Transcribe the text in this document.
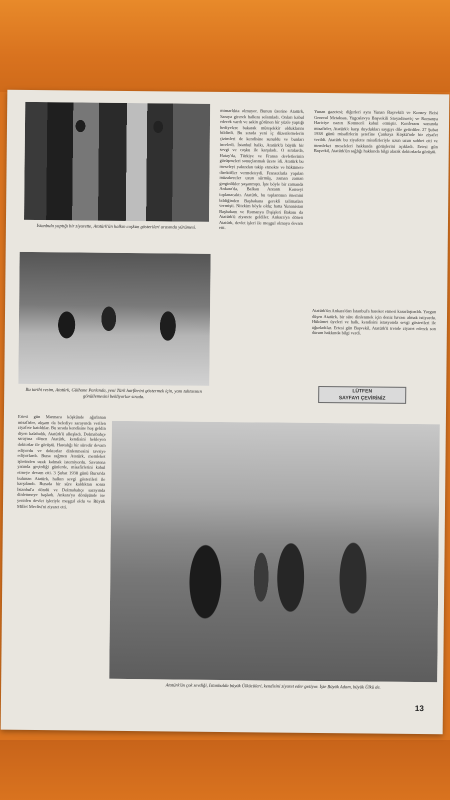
İstanbula yaptığı bir ziyarette, Atatürk'ün halkın coşkun gösterileri arasında yürümesi.
Bu tarihi resim, Atatürk, Gülhane Parkında, yeni Türk harflerini göstermek için, yanı tahtasının gönüllemesini bekliyorlar sırada.
mimarlıkta olmuyor. Bunun üzerine Atatürk, Saraya girerek halkını selamladı. Onları kabul ederek vardı ve sakin görünen bir yüzle yaptığı hediyelere bakarak müteşekkir olduklarını bildirdi. Bu sırada yeni iç düzenlemelerin çizimleri de kendisine sunuldu ve bunları inceledi. İstanbul halkı, Atatürk'ü büyük bir sevgi ve coşku ile karşıladı. O sıralarda, Hatay'da, Türkiye ve Fransa devletlerinin görüşmeleri sonuçlanmak üzere idi. Atatürk bu meseleyi yakından takip etmekte ve hükümete direktifler vermekteydi. Fransızlarla yapılan müzakereler uzun sürmüş, zaman zaman gerginlikler yaşanmıştı. İşte böyle bir zamanda Ankara'da, Balkan Antantı Konseyi toplanacaktı. Atatürk, bu toplantının önemini bildiğinden Başbakana gerekli talimatları vermişti. Nitekim böyle oldu; hatta Yunanistan Başbakanı ve Romanya Dışişleri Bakanı da Atatürk'ü ziyarete geldiler. Ankara'ya dönen Atatürk, devlet işleri ile meşgul olmaya devam etti.
Yunan gazetesi; diğerleri aynı Yunan Başvekili ve Konsey Reisi General Metaksas, Yugoslavya Başvekili Stoyadinoviç ve Romanya Hariciye nazırı Komnen'i kabul etmiştir. Konferans sonunda misafirler, Atatürk'e karşı duydukları saygıyı dile getirdiler. 27 Şubat 1938 günü misafirlerin şerefine Çankaya Köşkü'nde bir ziyafet verildi. Atatürk bu ziyafette misafirleriyle uzun uzun sohbet etti ve memleket meseleleri hakkında görüşlerini açıkladı. Ertesi gün Başvekil, Atatürk'ün sağlığı hakkında bilgi alarak doktorlarla görüştü.
Atatürk'ün Ankara'dan İstanbul'a hareket etmesi kararlaştırıldı. Yorgun düşen Atatürk, bir süre dinlenmek için deniz havası almak istiyordu. Hükümet üyeleri ve halk, kendisini istasyonda sevgi gösterileri ile uğurladılar. Ertesi gün Başvekil, Atatürk'ü trende ziyaret ederek son durum hakkında bilgi verdi.
LÜTFEN
SAYFAYI ÇEVİRİNİZ
Ertesi gün Marmara köşkünde ağırlanan misafirler, akşam da belediye sarayında verilen ziyafete katıldılar. Bu sırada kendisine hoş geldin diyen kalabalık, Atatürk'ü alkışladı. Dolmabahçe sarayına dönen Atatürk, kendisini bekleyen doktorlar ile görüştü. Hastalığı bir süredir devam ediyordu ve doktorlar dinlenmesini tavsiye ediyorlardı. Buna rağmen Atatürk, memleket işlerinden uzak kalmak istemiyordu. Savarona yatında geçirdiği günlerde, misafirlerini kabul etmeye devam etti. 3 Şubat 1938 günü Bursa'da bulunan Atatürk, halkın sevgi gösterileri ile karşılandı. Burada bir süre kaldıktan sonra İstanbul'a döndü ve Dolmabahçe sarayında dinlenmeye başladı. Ankara'ya dönüşünde ise yeniden devlet işleriyle meşgul oldu ve Büyük Millet Meclisi'ni ziyaret etti.
Atatürk'ün çok sevdiği, İstanbulda büyük Ülkücüleri, kendisini ziyaret eder geziyor. İşte Büyük Adam, büyük Ülkü de.
13
